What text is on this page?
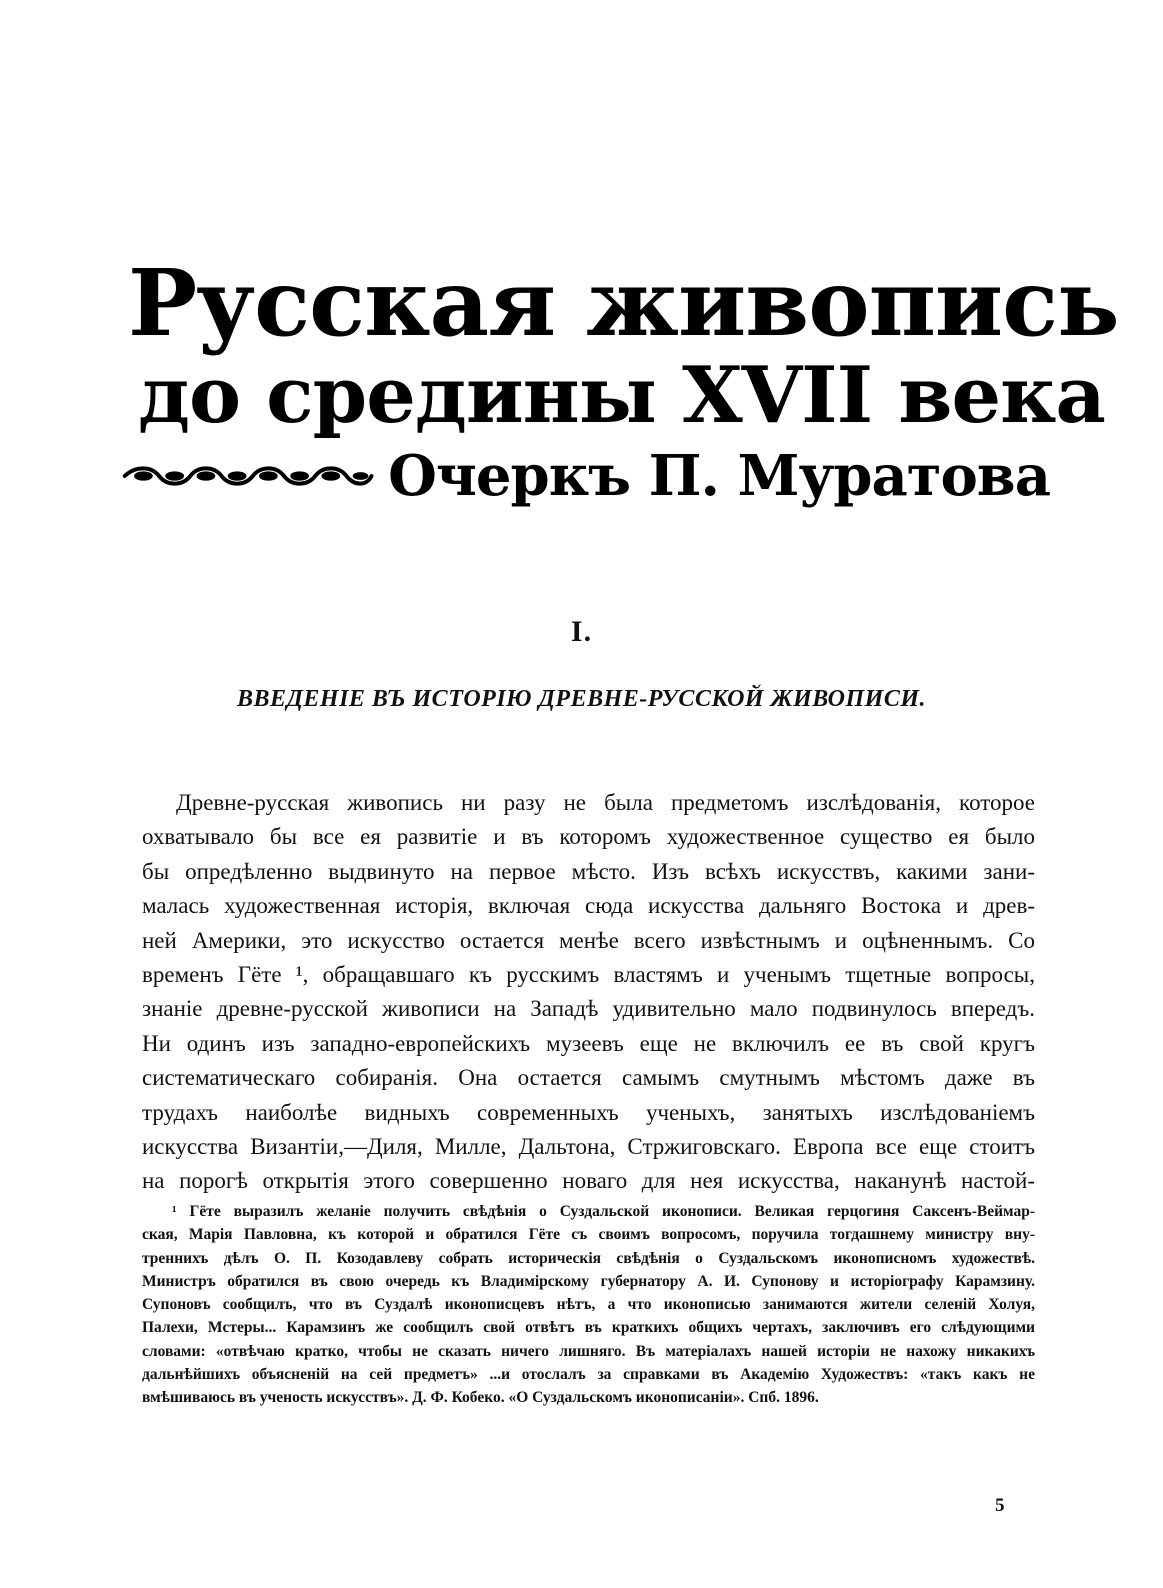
Русская живопись
до средины XVII века
Очеркъ П. Муратова
I.
ВВЕДЕНІЕ ВЪ ИСТОРІЮ ДРЕВНЕ-РУССКОЙ ЖИВОПИСИ.
Древне-русская живопись ни разу не была предметомъ изслѣдованія, которое
охватывало бы все ея развитіе и въ которомъ художественное существо ея было
бы опредѣленно выдвинуто на первое мѣсто. Изъ всѣхъ искусствъ, какими зани-
малась художественная исторія, включая сюда искусства дальняго Востока и древ-
ней Америки, это искусство остается менѣе всего извѣстнымъ и оцѣненнымъ. Со
временъ Гёте ¹, обращавшаго къ русскимъ властямъ и ученымъ тщетные вопросы,
знаніе древне-русской живописи на Западѣ удивительно мало подвинулось впередъ.
Ни одинъ изъ западно-европейскихъ музеевъ еще не включилъ ее въ свой кругъ
систематическаго собиранія. Она остается самымъ смутнымъ мѣстомъ даже въ
трудахъ наиболѣе видныхъ современныхъ ученыхъ, занятыхъ изслѣдованіемъ
искусства Византіи,—Диля, Милле, Дальтона, Стржиговскаго. Европа все еще стоитъ
на порогѣ открытія этого совершенно новаго для нея искусства, наканунѣ настой-
¹ Гёте выразилъ желаніе получить свѣдѣнія о Суздальской иконописи. Великая герцогиня Саксенъ-Веймар-
ская, Марія Павловна, къ которой и обратился Гёте съ своимъ вопросомъ, поручила тогдашнему министру вну-
треннихъ дѣлъ О. П. Козодавлеву собрать историческія свѣдѣнія о Суздальскомъ иконописномъ художествѣ.
Министръ обратился въ свою очередь къ Владимірскому губернатору А. И. Супонову и исторіографу Карамзину.
Супоновъ сообщилъ, что въ Суздалѣ иконописцевъ нѣтъ, а что иконописью занимаются жители селеній Холуя,
Палехи, Мстеры... Карамзинъ же сообщилъ свой отвѣтъ въ краткихъ общихъ чертахъ, заключивъ его слѣдующими
словами: «отвѣчаю кратко, чтобы не сказать ничего лишняго. Въ матеріалахъ нашей исторіи не нахожу никакихъ
дальнѣйшихъ объясненій на сей предметъ» ...и отослалъ за справками въ Академію Художествъ: «такъ какъ не
вмѣшиваюсь въ ученость искусствъ». Д. Ф. Кобеко. «О Суздальскомъ иконописаніи». Спб. 1896.
5
